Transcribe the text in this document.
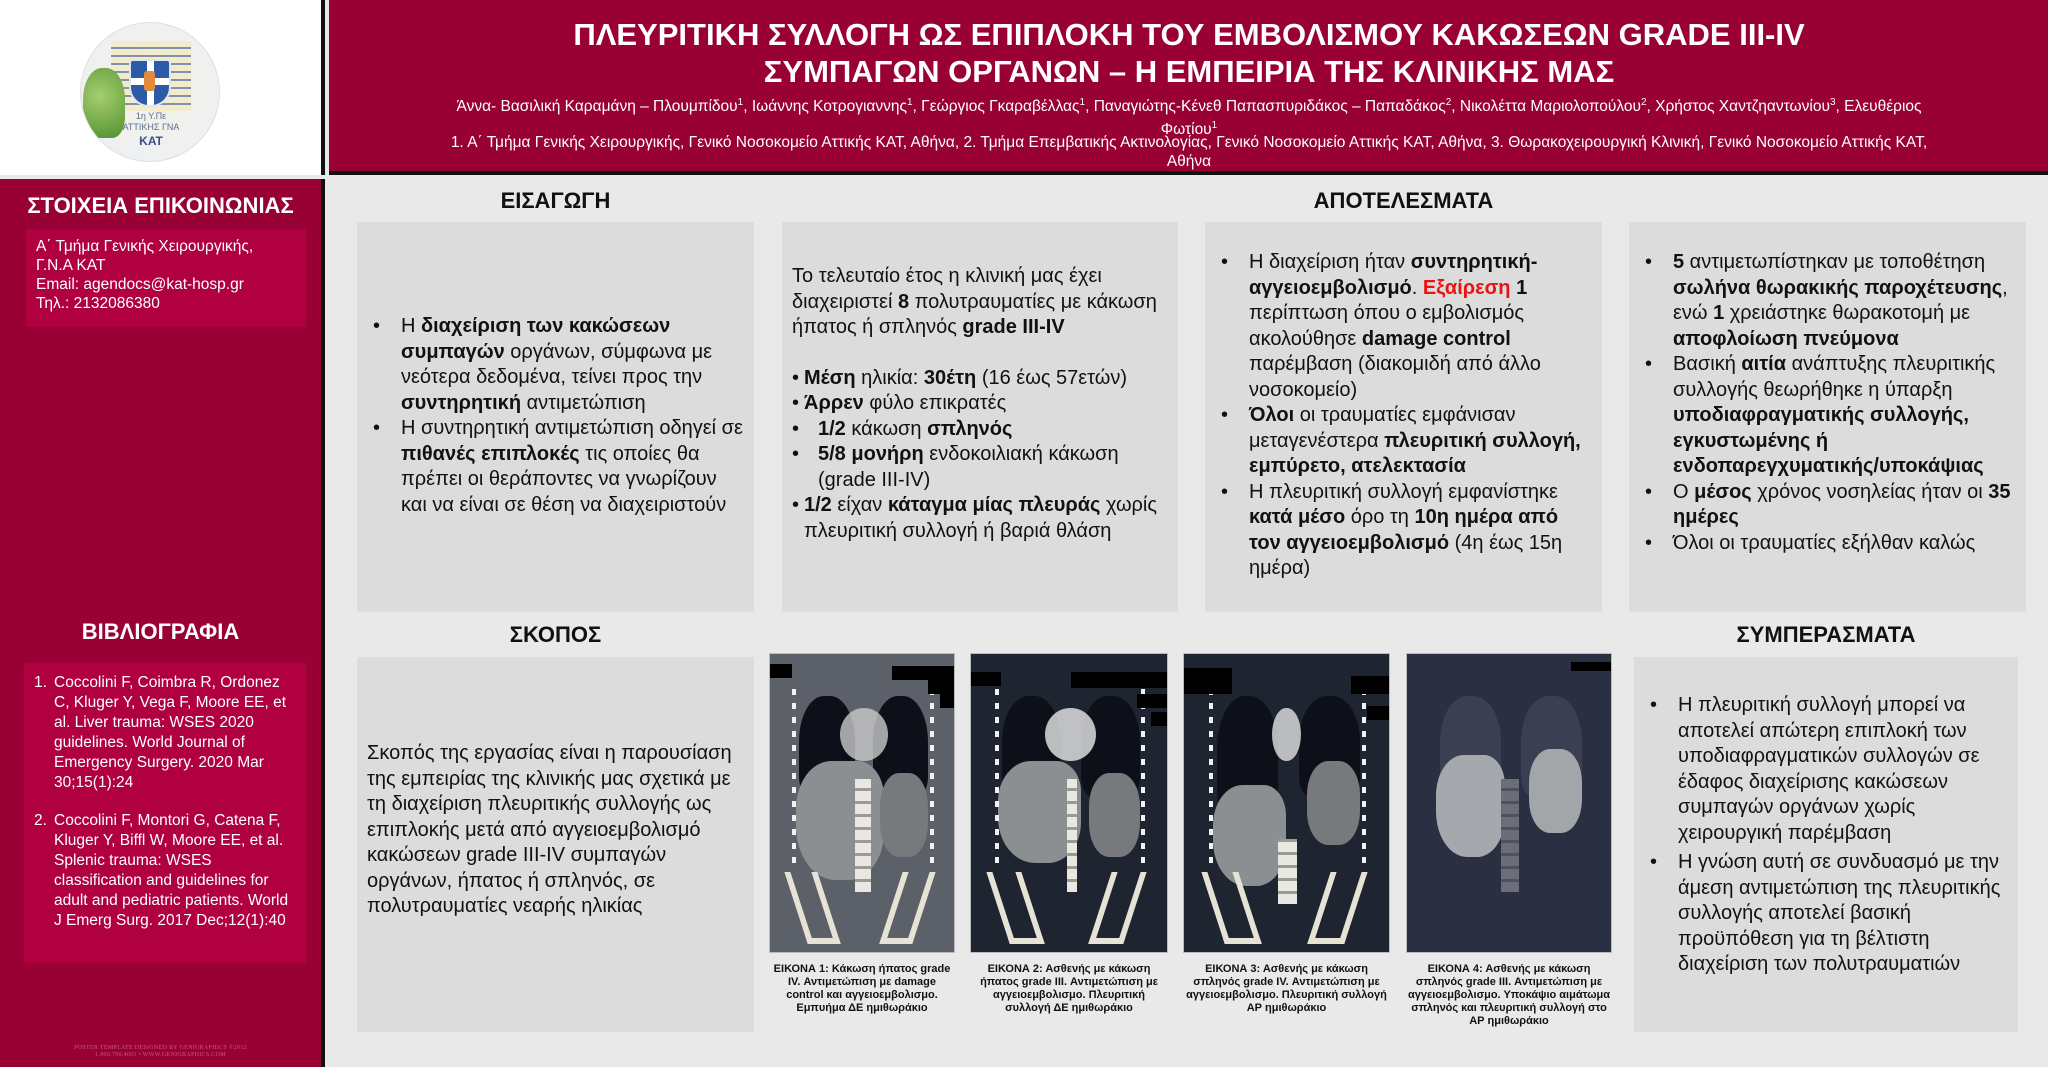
1η Υ.Πε
ΑΤΤΙΚΗΣ ΓΝΑ
ΚΑΤ
ΠΛΕΥΡΙΤΙΚΗ ΣΥΛΛΟΓΗ ΩΣ ΕΠΙΠΛΟΚΗ ΤΟΥ ΕΜΒΟΛΙΣΜΟΥ ΚΑΚΩΣΕΩΝ GRADE III-IV
ΣΥΜΠΑΓΩΝ ΟΡΓΑΝΩΝ – Η ΕΜΠΕΙΡΙΑ ΤΗΣ ΚΛΙΝΙΚΗΣ ΜΑΣ
Άννα- Βασιλική Καραμάνη – Πλουμπίδου$^1$, Ιωάννης Κοτρογιαννης$^1$, Γεώργιος Γκαραβέλλας$^1$, Παναγιώτης-Κένεθ Παπασπυριδάκος – Παπαδάκος$^2$, Νικολέττα Μαριολοπούλου$^2$, Χρήστος Χαντζηαντωνίου$^3$, Ελευθέριος Φωτίου$^1$
1. Α΄ Τμήμα Γενικής Χειρουργικής, Γενικό Νοσοκομείο Αττικής ΚΑΤ, Αθήνα, 2. Τμήμα Επεμβατικής Ακτινολογίας, Γενικό Νοσοκομείο Αττικής ΚΑΤ, Αθήνα, 3. Θωρακοχειρουργική Κλινική, Γενικό Νοσοκομείο Αττικής ΚΑΤ, Αθήνα
ΣΤΟΙΧΕΙΑ ΕΠΙΚΟΙΝΩΝΙΑΣ
Α΄ Τμήμα Γενικής Χειρουργικής,
Γ.Ν.Α ΚΑΤ
Email: agendocs@kat-hosp.gr
Τηλ.: 2132086380
ΒΙΒΛΙΟΓΡΑΦΙΑ
1. Coccolini F, Coimbra R, Ordonez C, Kluger Y, Vega F, Moore EE, et al. Liver trauma: WSES 2020 guidelines. World Journal of Emergency Surgery. 2020 Mar 30;15(1):24
2. Coccolini F, Montori G, Catena F, Kluger Y, Biffl W, Moore EE, et al. Splenic trauma: WSES classification and guidelines for adult and pediatric patients. World J Emerg Surg. 2017 Dec;12(1):40
POSTER TEMPLATE DESIGNED BY GENIGRAPHICS ©2012
1.800.790.4001 • WWW.GENIGRAPHICS.COM
ΕΙΣΑΓΩΓΗ	ΑΠΟΤΕΛΕΣΜΑΤΑ
ΣΚΟΠΟΣ	ΣΥΜΠΕΡΑΣΜΑΤΑ
•	Η διαχείριση των κακώσεων συμπαγών οργάνων, σύμφωνα με νεότερα δεδομένα, τείνει προς την συντηρητική αντιμετώπιση
•	Η συντηρητική αντιμετώπιση οδηγεί σε πιθανές επιπλοκές τις οποίες θα πρέπει οι θεράποντες να γνωρίζουν και να είναι σε θέση να διαχειριστούν
Το τελευταίο έτος η κλινική μας έχει διαχειριστεί 8 πολυτραυματίες με κάκωση ήπατος ή σπληνός grade III-IV
• Μέση ηλικία: 30έτη (16 έως 57ετών)
• Άρρεν φύλο επικρατές
• 1/2 κάκωση σπληνός
• 5/8 μονήρη ενδοκοιλιακή κάκωση (grade III-IV)
• 1/2 είχαν κάταγμα μίας πλευράς χωρίς πλευριτική συλλογή ή βαριά θλάση
•	Η διαχείριση ήταν συντηρητική-αγγειοεμβολισμό. Εξαίρεση 1 περίπτωση όπου ο εμβολισμός ακολούθησε damage control παρέμβαση (διακομιδή από άλλο νοσοκομείο)
•	Όλοι οι τραυματίες εμφάνισαν μεταγενέστερα πλευριτική συλλογή, εμπύρετο, ατελεκτασία
•	Η πλευριτική συλλογή εμφανίστηκε κατά μέσο όρο τη 10η ημέρα από τον αγγειοεμβολισμό (4η έως 15η ημέρα)
•	5 αντιμετωπίστηκαν με τοποθέτηση σωλήνα θωρακικής παροχέτευσης, ενώ 1 χρειάστηκε θωρακοτομή με αποφλοίωση πνεύμονα
•	Βασική αιτία ανάπτυξης πλευριτικής συλλογής θεωρήθηκε η ύπαρξη υποδιαφραγματικής συλλογής, εγκυστωμένης ή ενδοπαρεγχυματικής/υποκάψιας
•	Ο μέσος χρόνος νοσηλείας ήταν οι 35 ημέρες
•	Όλοι οι τραυματίες εξήλθαν καλώς

Σκοπός της εργασίας είναι η παρουσίαση της εμπειρίας της κλινικής μας σχετικά με τη διαχείριση πλευριτικής συλλογής ως επιπλοκής μετά από αγγειοεμβολισμό κακώσεων grade III-IV συμπαγών οργάνων, ήπατος ή σπληνός, σε πολυτραυματίες νεαρής ηλικίας

ΕΙΚΟΝΑ 1: Κάκωση ήπατος grade IV. Αντιμετώπιση με damage control και αγγειοεμβολισμο. Εμπυήμα ΔΕ ημιθωράκιο
ΕΙΚΟΝΑ 2: Ασθενής με κάκωση ήπατος grade III. Αντιμετώπιση με αγγειοεμβολισμο. Πλευριτική συλλογή ΔΕ ημιθωράκιο
ΕΙΚΟΝΑ 3: Ασθενής με κάκωση σπληνός grade IV. Αντιμετώπιση με αγγειοεμβολισμο. Πλευριτική συλλογή ΑΡ ημιθωράκιο
ΕΙΚΟΝΑ 4: Ασθενής με κάκωση σπληνός grade III. Αντιμετώπιση με αγγειοεμβολισμο. Υποκάψιο αιμάτωμα σπληνός και πλευριτική συλλογή στο ΑΡ ημιθωράκιο
•	Η πλευριτική συλλογή μπορεί να αποτελεί απώτερη επιπλοκή των υποδιαφραγματικών συλλογών σε έδαφος διαχείρισης κακώσεων συμπαγών οργάνων χωρίς χειρουργική παρέμβαση
•	Η γνώση αυτή σε συνδυασμό με την άμεση αντιμετώπιση της πλευριτικής συλλογής αποτελεί βασική προϋπόθεση για τη βέλτιστη διαχείριση των πολυτραυματιών
